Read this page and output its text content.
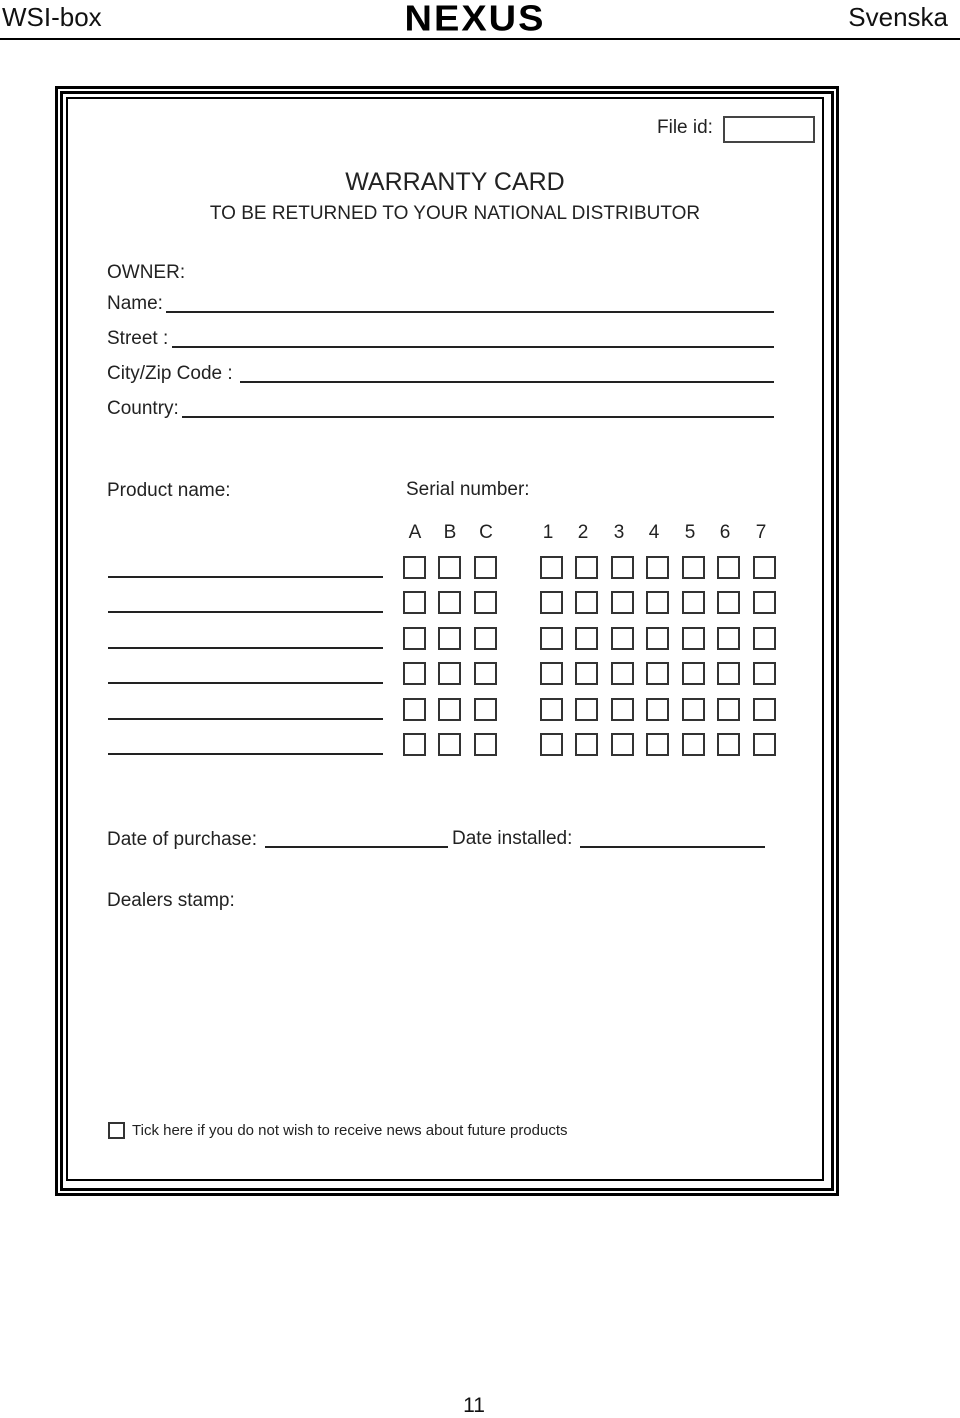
WSI-box	NEXUS	Svenska
File id:
WARRANTY CARD
TO BE RETURNED TO YOUR NATIONAL DISTRIBUTOR
OWNER:
Name:
Street :
City/Zip Code :
Country:
Product name:	Serial number:
A B C	1	2	3	4	5	6	7
Date of purchase:	Date installed:
Dealers stamp:
Tick here if you do not wish to receive news about future products
11
